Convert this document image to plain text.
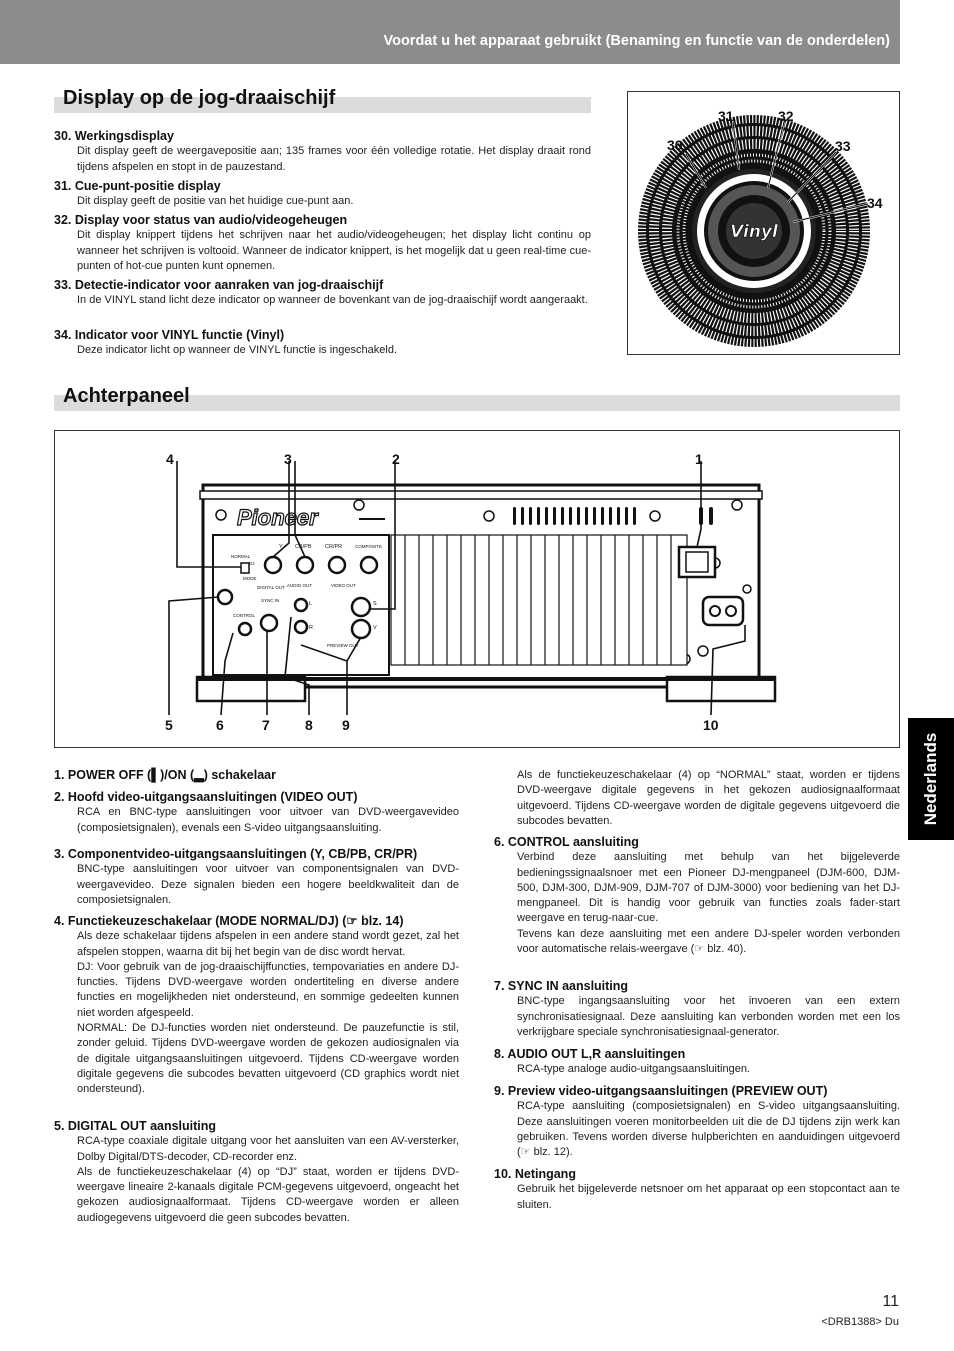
Voordat u het apparaat gebruikt (Benaming en functie van de onderdelen)
Display op de jog-draaischijf
30. Werkingsdisplay
Dit display geeft de weergavepositie aan; 135 frames voor één volledige rotatie. Het display draait rond tijdens afspelen en stopt in de pauzestand.
31. Cue-punt-positie display
Dit display geeft de positie van het huidige cue-punt aan.
32. Display voor status van audio/videogeheugen
Dit display knippert tijdens het schrijven naar het audio/videogeheugen; het display licht continu op wanneer het schrijven is voltooid. Wanneer de indicator knippert, is het mogelijk dat u geen real-time cue-punten of hot-cue punten kunt opnemen.
33. Detectie-indicator voor aanraken van jog-draaischijf
In de VINYL stand licht deze indicator op wanneer de bovenkant van de jog-draaischijf wordt aangeraakt.
34. Indicator voor VINYL functie (Vinyl)
Deze indicator licht op wanneer de VINYL functie is ingeschakeld.
Vinyl
30
31	32
33
34
Achterpaneel
Pioneer
Y CB/PB CR/PR	COMPOSITE
NORMAL
DJ
MODE
DIGITAL OUT
SYNC IN
CONTROL
AUDIO OUT	VIDEO OUT
PREVIEW OUT
L
R
S
V
4	3	2	1
5	6	7	8 9	10
1. POWER OFF (▌)/ON (▂) schakelaar
2. Hoofd video-uitgangsaansluitingen (VIDEO OUT)

RCA en BNC-type aansluitingen voor uitvoer van DVD-weergavevideo (composietsignalen), evenals een S-video uitgangsaansluiting.

3. Componentvideo-uitgangsaansluitingen (Y, CB/PB, CR/PR)

BNC-type aansluitingen voor uitvoer van componentsignalen van DVD-weergavevideo. Deze signalen bieden een hogere beeldkwaliteit dan de composietsignalen.

4. Functiekeuzeschakelaar (MODE NORMAL/DJ) (☞ blz. 14)

Als deze schakelaar tijdens afspelen in een andere stand wordt gezet, zal het afspelen stoppen, waarna dit bij het begin van de disc wordt hervat.

DJ: Voor gebruik van de jog-draaischijffuncties, tempovariaties en andere DJ-functies. Tijdens DVD-weergave worden ondertiteling en diverse andere functies en mogelijkheden niet ondersteund, en sommige gedeelten kunnen niet worden afgespeeld.

NORMAL: De DJ-functies worden niet ondersteund. De pauzefunctie is stil, zonder geluid. Tijdens DVD-weergave worden de gekozen audiosignalen via de digitale uitgangsaansluitingen uitgevoerd. Tijdens CD-weergave worden digitale gegevens die subcodes bevatten uitgevoerd (CD graphics wordt niet ondersteund).

5. DIGITAL OUT aansluiting

RCA-type coaxiale digitale uitgang voor het aansluiten van een AV-versterker, Dolby Digital/DTS-decoder, CD-recorder enz.

Als de functiekeuzeschakelaar (4) op “DJ” staat, worden er tijdens DVD-weergave lineaire 2-kanaals digitale PCM-gegevens uitgevoerd, ongeacht het gekozen audiosignaalformaat. Tijdens CD-weergave worden er alleen audiogegevens uitgevoerd die geen subcodes bevatten.

Als de functiekeuzeschakelaar (4) op “NORMAL” staat, worden er tijdens DVD-weergave digitale gegevens in het gekozen audiosignaalformaat uitgevoerd. Tijdens CD-weergave worden de digitale gegevens uitgevoerd die subcodes bevatten.

6. CONTROL aansluiting

Verbind deze aansluiting met behulp van het bijgeleverde bedieningssignaalsnoer met een Pioneer DJ-mengpaneel (DJM-600, DJM-500, DJM-300, DJM-909, DJM-707 of DJM-3000) voor bediening van het DJ-mengpaneel. Dit is handig voor gebruik van functies zoals fader-start weergave en terug-naar-cue.

Tevens kan deze aansluiting met een andere DJ-speler worden verbonden voor automatische relais-weergave (☞ blz. 40).

7. SYNC IN aansluiting

BNC-type ingangsaansluiting voor het invoeren van een extern synchronisatiesignaal. Deze aansluiting kan verbonden worden met een los verkrijgbare speciale synchronisatiesignaal-generator.

8. AUDIO OUT L,R aansluitingen

RCA-type analoge audio-uitgangsaansluitingen.

9. Preview video-uitgangsaansluitingen (PREVIEW OUT)

RCA-type aansluiting (composietsignalen) en S-video uitgangsaansluiting. Deze aansluitingen voeren monitorbeelden uit die de DJ tijdens zijn werk kan gebruiken. Tevens worden diverse hulpberichten en aanduidingen uitgevoerd (☞ blz. 12).

10. Netingang

Gebruik het bijgeleverde netsnoer om het apparaat op een stopcontact aan te sluiten.

Nederlands
11
<DRB1388> Du
